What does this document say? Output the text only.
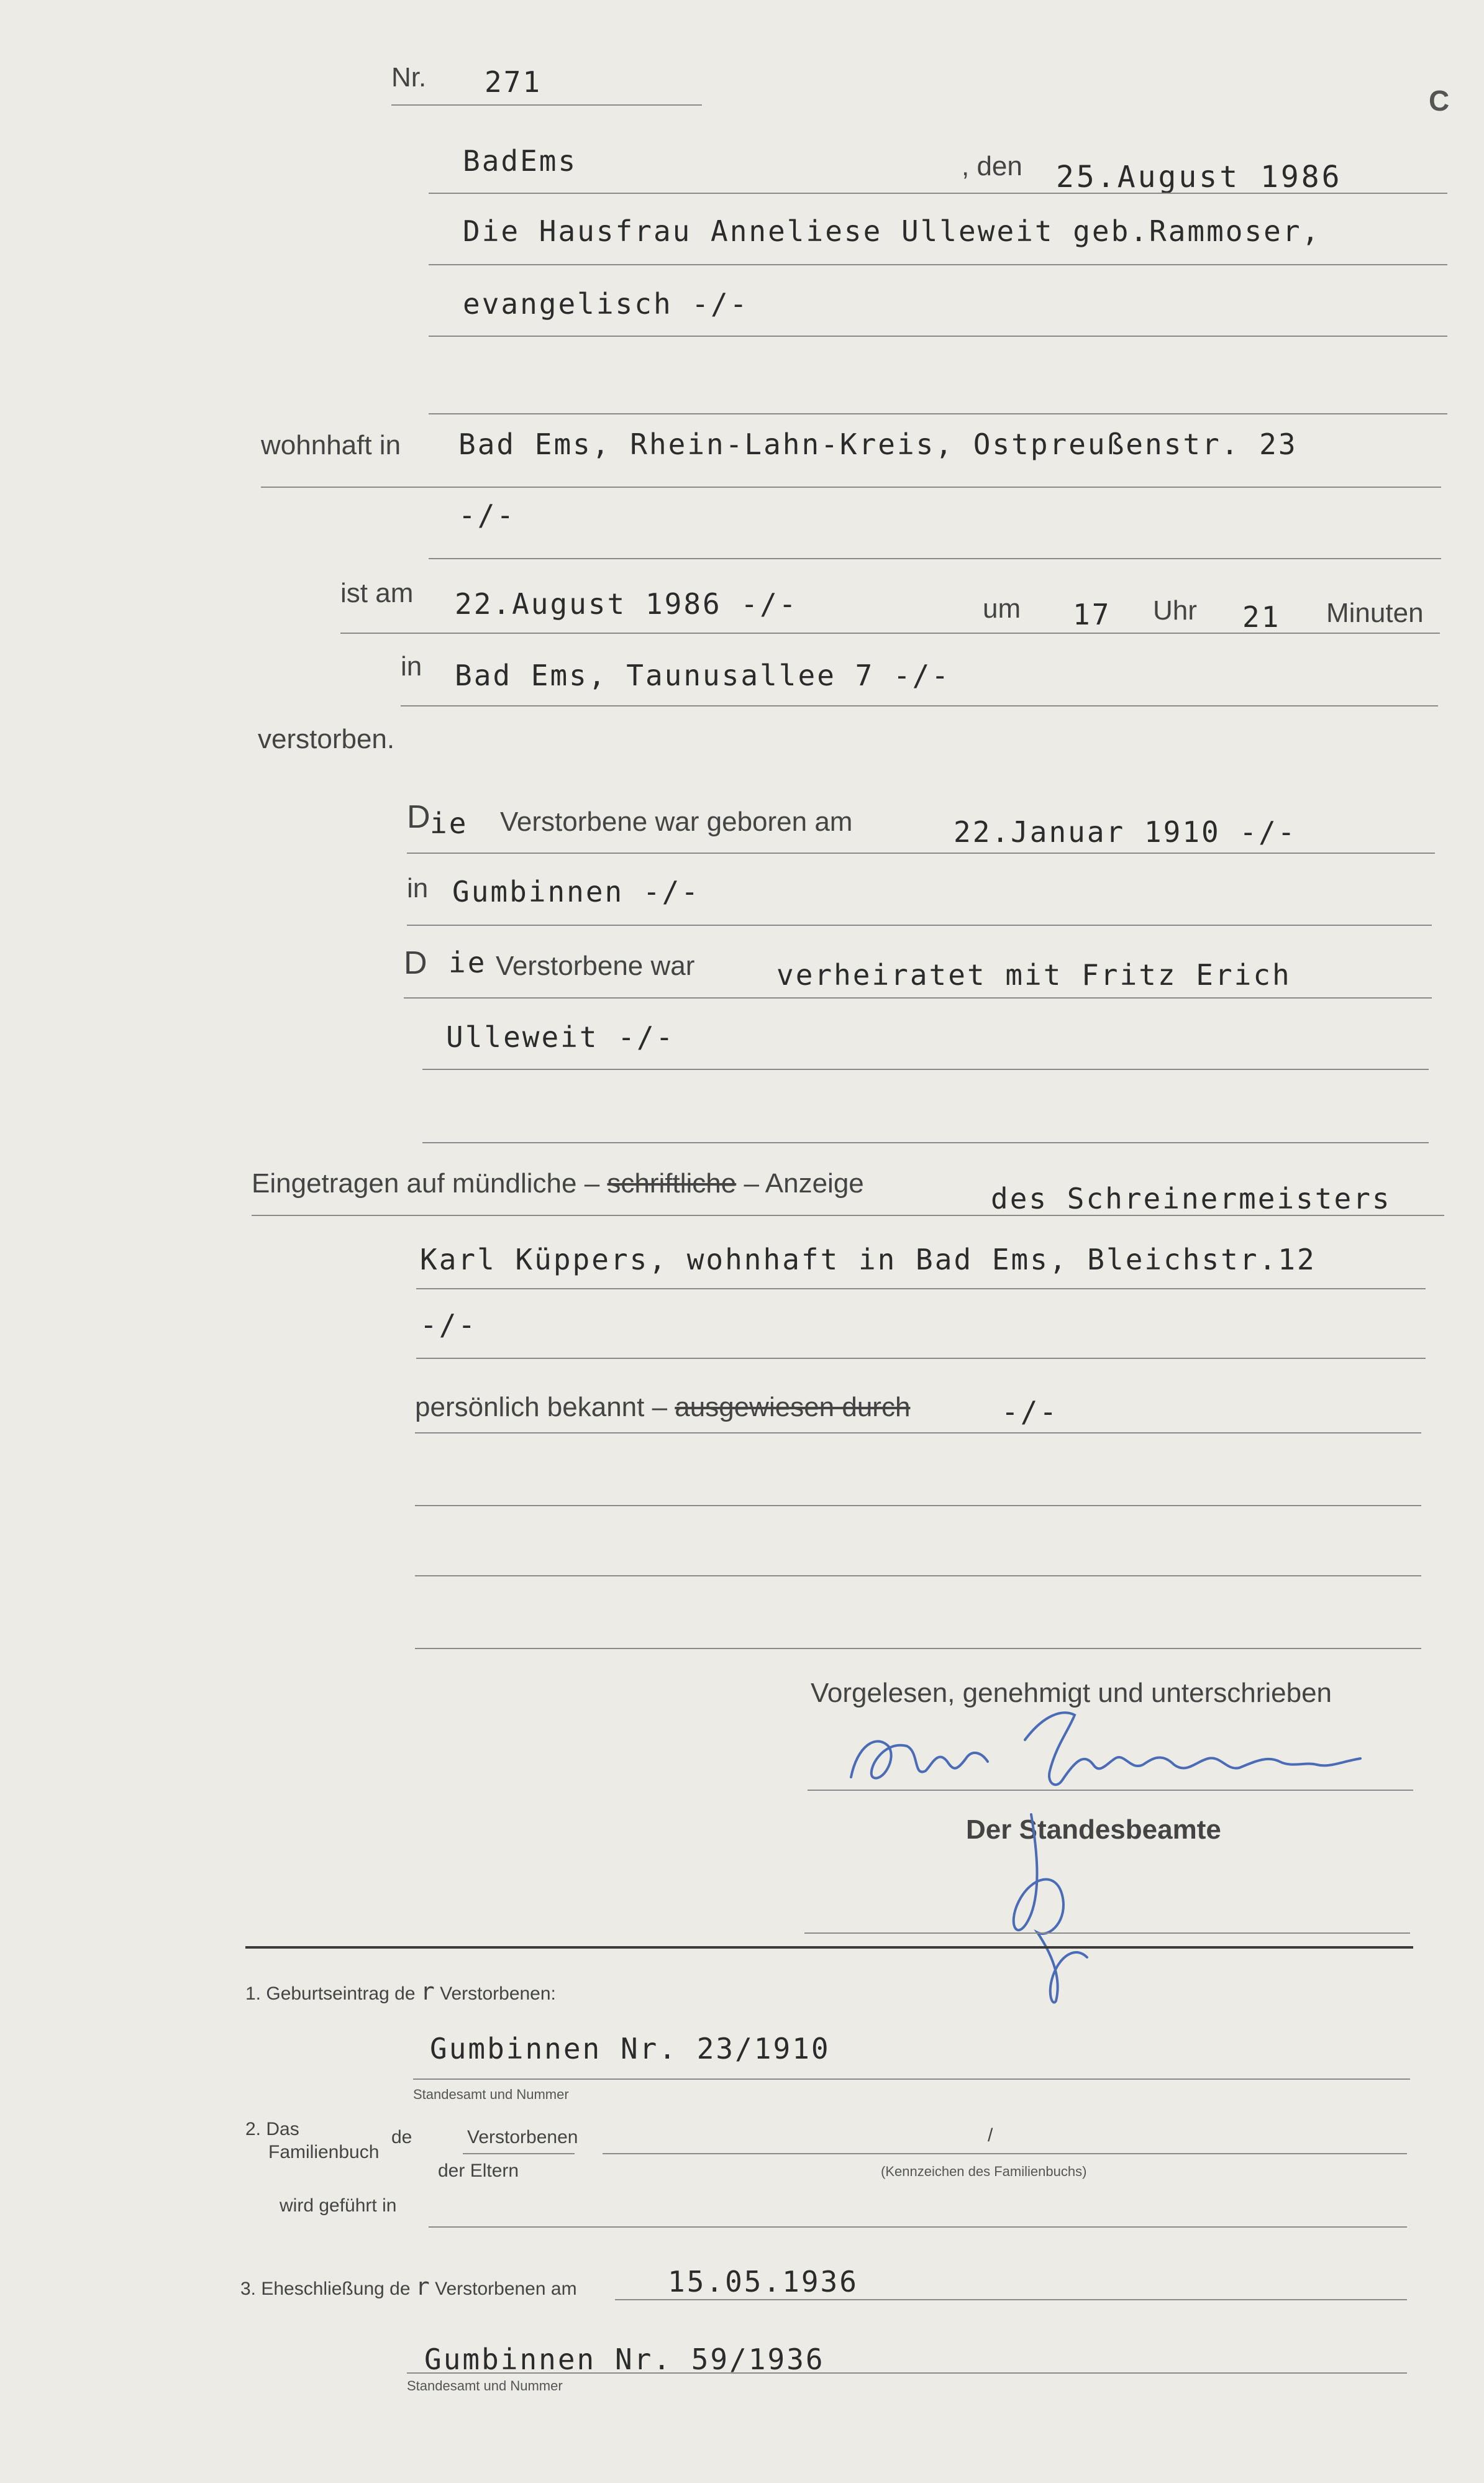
C
Nr. 271
BadEms	, den 25.August 1986
Die Hausfrau Anneliese Ulleweit geb.Rammoser,
evangelisch -/-
wohnhaft in Bad Ems, Rhein-Lahn-Kreis, Ostpreußenstr. 23
-/-
ist am 22.August 1986 -/-	um 17 Uhr 21 Minuten
in Bad Ems, Taunusallee 7 -/-
verstorben.
D ie Verstorbene war geboren am	22.Januar 1910 -/-
in Gumbinnen -/-
D ie Verstorbene war	verheiratet mit Fritz Erich
Ulleweit -/-
Eingetragen auf mündliche – schriftliche – Anzeige	des Schreinermeisters
Karl Küppers, wohnhaft in Bad Ems, Bleichstr.12
-/-
persönlich bekannt – ausgewiesen durch	-/-
Vorgelesen, genehmigt und unterschrieben
Der Standesbeamte
1. Geburtseintrag de r Verstorbenen:
Gumbinnen Nr. 23/1910
Standesamt und Nummer
2. Das
Familienbuch
de	Verstorbenen
der Eltern
/
(Kennzeichen des Familienbuchs)
wird geführt in
3. Eheschließung de r Verstorbenen am	15.05.1936
Gumbinnen Nr. 59/1936
Standesamt und Nummer
